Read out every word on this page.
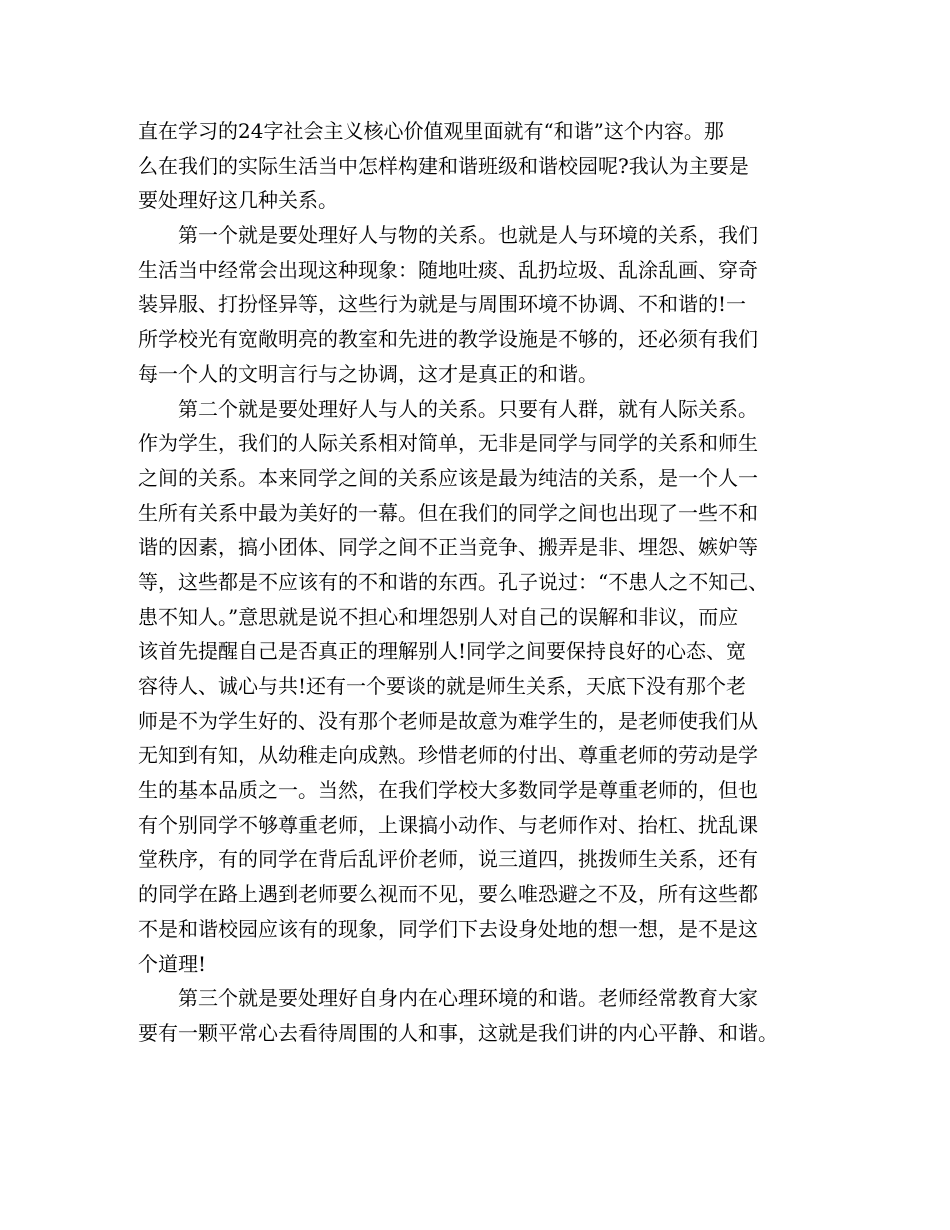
直在学习的24字社会主义核心价值观里面就有“和谐”这个内容。那
么在我们的实际生活当中怎样构建和谐班级和谐校园呢?我认为主要是
要处理好这几种关系。
　　第一个就是要处理好人与物的关系。也就是人与环境的关系，我们
生活当中经常会出现这种现象：随地吐痰、乱扔垃圾、乱涂乱画、穿奇
装异服、打扮怪异等，这些行为就是与周围环境不协调、不和谐的!一
所学校光有宽敞明亮的教室和先进的教学设施是不够的，还必须有我们
每一个人的文明言行与之协调，这才是真正的和谐。
　　第二个就是要处理好人与人的关系。只要有人群，就有人际关系。
作为学生，我们的人际关系相对简单，无非是同学与同学的关系和师生
之间的关系。本来同学之间的关系应该是最为纯洁的关系，是一个人一
生所有关系中最为美好的一幕。但在我们的同学之间也出现了一些不和
谐的因素，搞小团体、同学之间不正当竞争、搬弄是非、埋怨、嫉妒等
等，这些都是不应该有的不和谐的东西。孔子说过：“不患人之不知己、
患不知人。”意思就是说不担心和埋怨别人对自己的误解和非议，而应
该首先提醒自己是否真正的理解别人!同学之间要保持良好的心态、宽
容待人、诚心与共!还有一个要谈的就是师生关系，天底下没有那个老
师是不为学生好的、没有那个老师是故意为难学生的，是老师使我们从
无知到有知，从幼稚走向成熟。珍惜老师的付出、尊重老师的劳动是学
生的基本品质之一。当然，在我们学校大多数同学是尊重老师的，但也
有个别同学不够尊重老师，上课搞小动作、与老师作对、抬杠、扰乱课
堂秩序，有的同学在背后乱评价老师，说三道四，挑拨师生关系，还有
的同学在路上遇到老师要么视而不见，要么唯恐避之不及，所有这些都
不是和谐校园应该有的现象，同学们下去设身处地的想一想，是不是这
个道理!
　　第三个就是要处理好自身内在心理环境的和谐。老师经常教育大家
要有一颗平常心去看待周围的人和事，这就是我们讲的内心平静、和谐。
